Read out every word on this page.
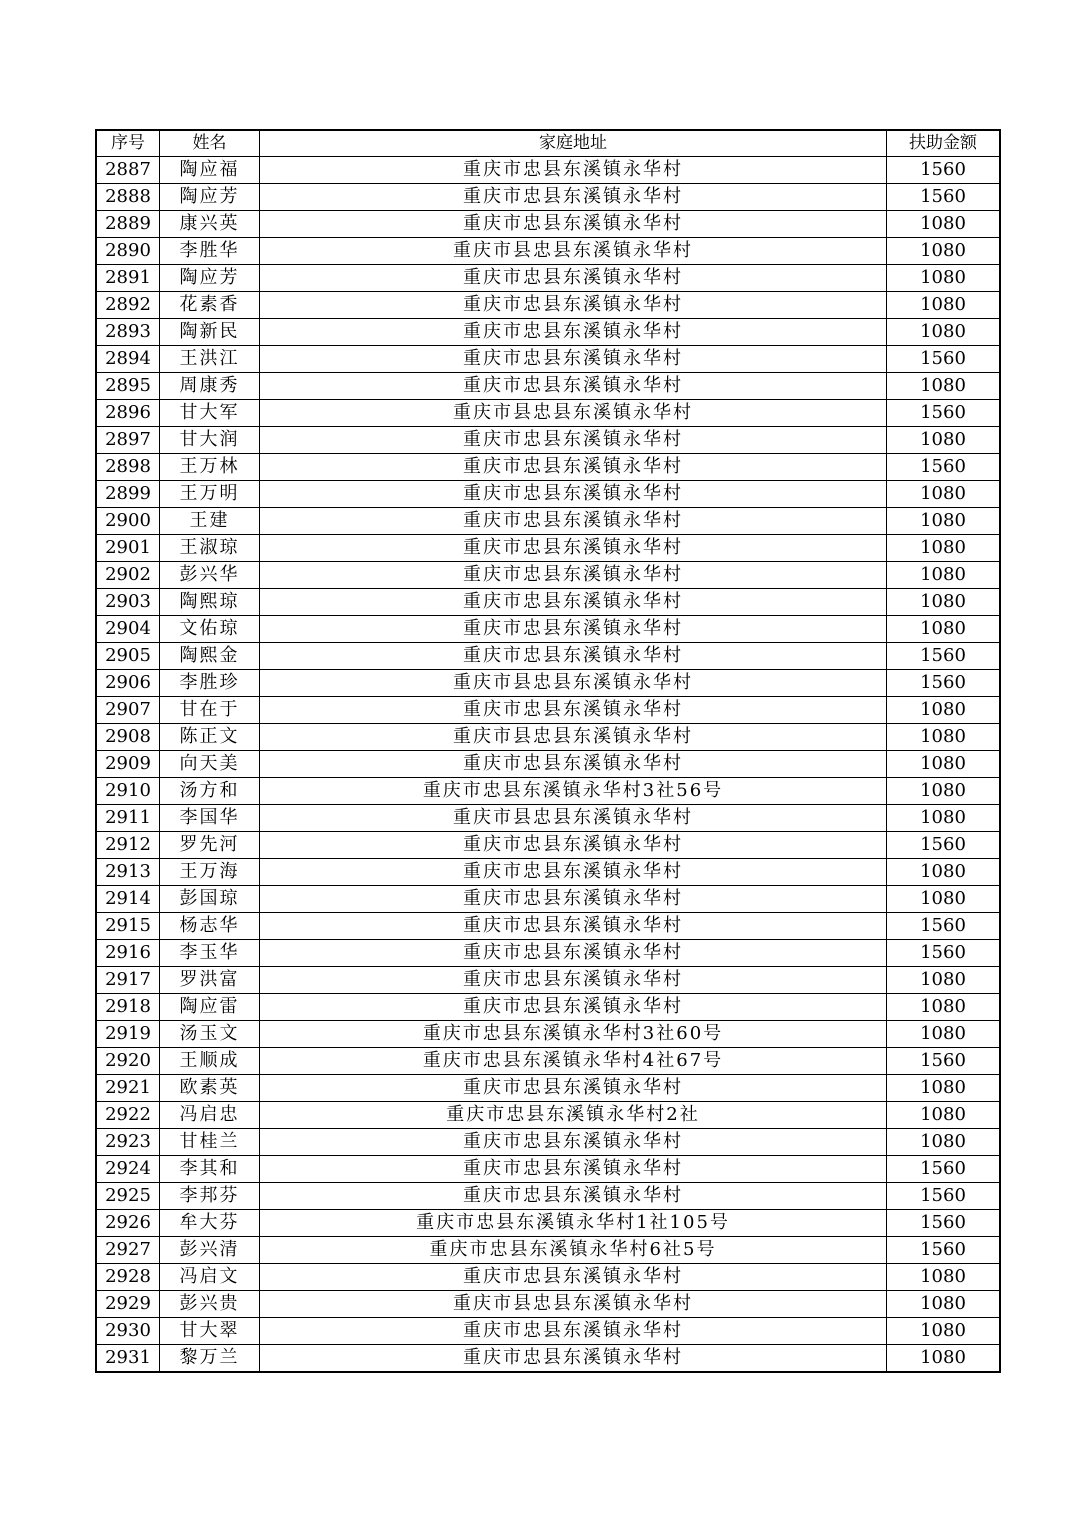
序号	姓名	家庭地址	扶助金额
2887	陶应福	重庆市忠县东溪镇永华村	1560
2888	陶应芳	重庆市忠县东溪镇永华村	1560
2889	康兴英	重庆市忠县东溪镇永华村	1080
2890	李胜华	重庆市县忠县东溪镇永华村	1080
2891	陶应芳	重庆市忠县东溪镇永华村	1080
2892	花素香	重庆市忠县东溪镇永华村	1080
2893	陶新民	重庆市忠县东溪镇永华村	1080
2894	王洪江	重庆市忠县东溪镇永华村	1560
2895	周康秀	重庆市忠县东溪镇永华村	1080
2896	甘大军	重庆市县忠县东溪镇永华村	1560
2897	甘大润	重庆市忠县东溪镇永华村	1080
2898	王万林	重庆市忠县东溪镇永华村	1560
2899	王万明	重庆市忠县东溪镇永华村	1080
2900	王建	重庆市忠县东溪镇永华村	1080
2901	王淑琼	重庆市忠县东溪镇永华村	1080
2902	彭兴华	重庆市忠县东溪镇永华村	1080
2903	陶熙琼	重庆市忠县东溪镇永华村	1080
2904	文佑琼	重庆市忠县东溪镇永华村	1080
2905	陶熙金	重庆市忠县东溪镇永华村	1560
2906	李胜珍	重庆市县忠县东溪镇永华村	1560
2907	甘在于	重庆市忠县东溪镇永华村	1080
2908	陈正文	重庆市县忠县东溪镇永华村	1080
2909	向天美	重庆市忠县东溪镇永华村	1080
2910	汤方和	重庆市忠县东溪镇永华村3社56号	1080
2911	李国华	重庆市县忠县东溪镇永华村	1080
2912	罗先河	重庆市忠县东溪镇永华村	1560
2913	王万海	重庆市忠县东溪镇永华村	1080
2914	彭国琼	重庆市忠县东溪镇永华村	1080
2915	杨志华	重庆市忠县东溪镇永华村	1560
2916	李玉华	重庆市忠县东溪镇永华村	1560
2917	罗洪富	重庆市忠县东溪镇永华村	1080
2918	陶应雷	重庆市忠县东溪镇永华村	1080
2919	汤玉文	重庆市忠县东溪镇永华村3社60号	1080
2920	王顺成	重庆市忠县东溪镇永华村4社67号	1560
2921	欧素英	重庆市忠县东溪镇永华村	1080
2922	冯启忠	重庆市忠县东溪镇永华村2社	1080
2923	甘桂兰	重庆市忠县东溪镇永华村	1080
2924	李其和	重庆市忠县东溪镇永华村	1560
2925	李邦芬	重庆市忠县东溪镇永华村	1560
2926	牟大芬	重庆市忠县东溪镇永华村1社105号	1560
2927	彭兴清	重庆市忠县东溪镇永华村6社5号	1560
2928	冯启文	重庆市忠县东溪镇永华村	1080
2929	彭兴贵	重庆市县忠县东溪镇永华村	1080
2930	甘大翠	重庆市忠县东溪镇永华村	1080
2931	黎万兰	重庆市忠县东溪镇永华村	1080
